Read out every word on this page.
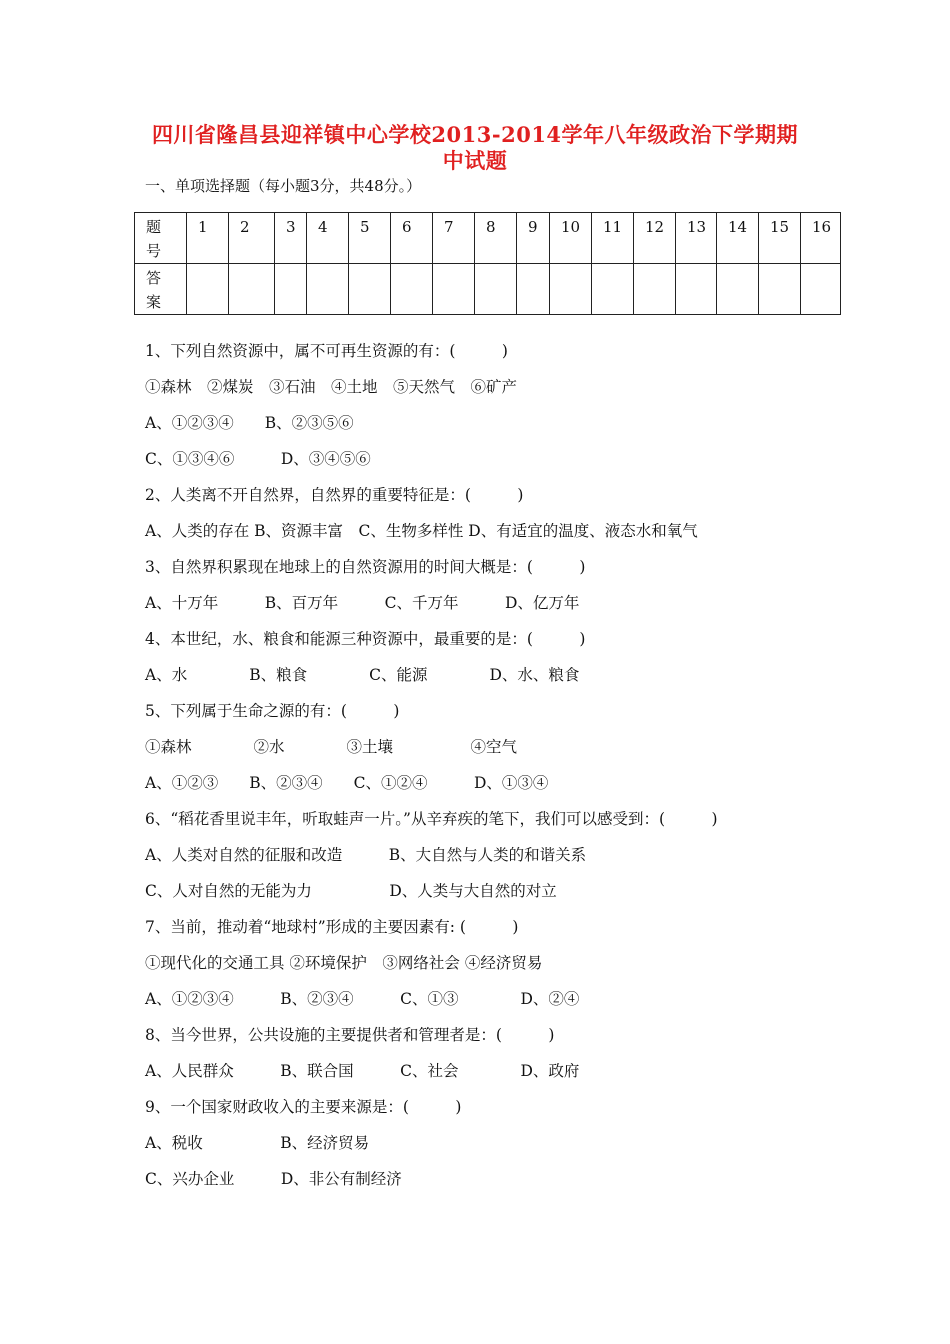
四川省隆昌县迎祥镇中心学校2013-2014学年八年级政治下学期期
中试题
一、单项选择题（每小题3分，共48分。）
题
号	1	2	3	4	5	6	7	8	9	10	11	12	13	14	15	16

答
案																

1、下列自然资源中，属不可再生资源的有：(　　　)
①森林　②煤炭　③石油　④土地　⑤天然气　⑥矿产
A、①②③④　　B、②③⑤⑥
C、①③④⑥　　　D、③④⑤⑥
2、人类离不开自然界，自然界的重要特征是：(　　　)
A、人类的存在 B、资源丰富　C、生物多样性 D、有适宜的温度、液态水和氧气
3、自然界积累现在地球上的自然资源用的时间大概是：(　　　)
A、十万年　　　B、百万年　　　C、千万年　　　D、亿万年
4、本世纪，水、粮食和能源三种资源中，最重要的是：(　　　)
A、水　　　　B、粮食　　　　C、能源　　　　D、水、粮食
5、下列属于生命之源的有：(　　　)
①森林　　　　②水　　　　③土壤　　　　　④空气
A、①②③　　B、②③④　　C、①②④　　　D、①③④
6、“稻花香里说丰年，听取蛙声一片。”从辛弃疾的笔下，我们可以感受到：(　　　)
A、人类对自然的征服和改造　　　B、大自然与人类的和谐关系
C、人对自然的无能为力　　　　　D、人类与大自然的对立
7、当前，推动着“地球村”形成的主要因素有: (　　　)
①现代化的交通工具 ②环境保护　③网络社会 ④经济贸易
A、①②③④　　　B、②③④　　　C、①③　　　　D、②④
8、当今世界，公共设施的主要提供者和管理者是：(　　　)
A、人民群众　　　B、联合国　　　C、社会　　　　D、政府
9、一个国家财政收入的主要来源是：(　　　)
A、税收　　　　　B、经济贸易
C、兴办企业　　　D、非公有制经济
